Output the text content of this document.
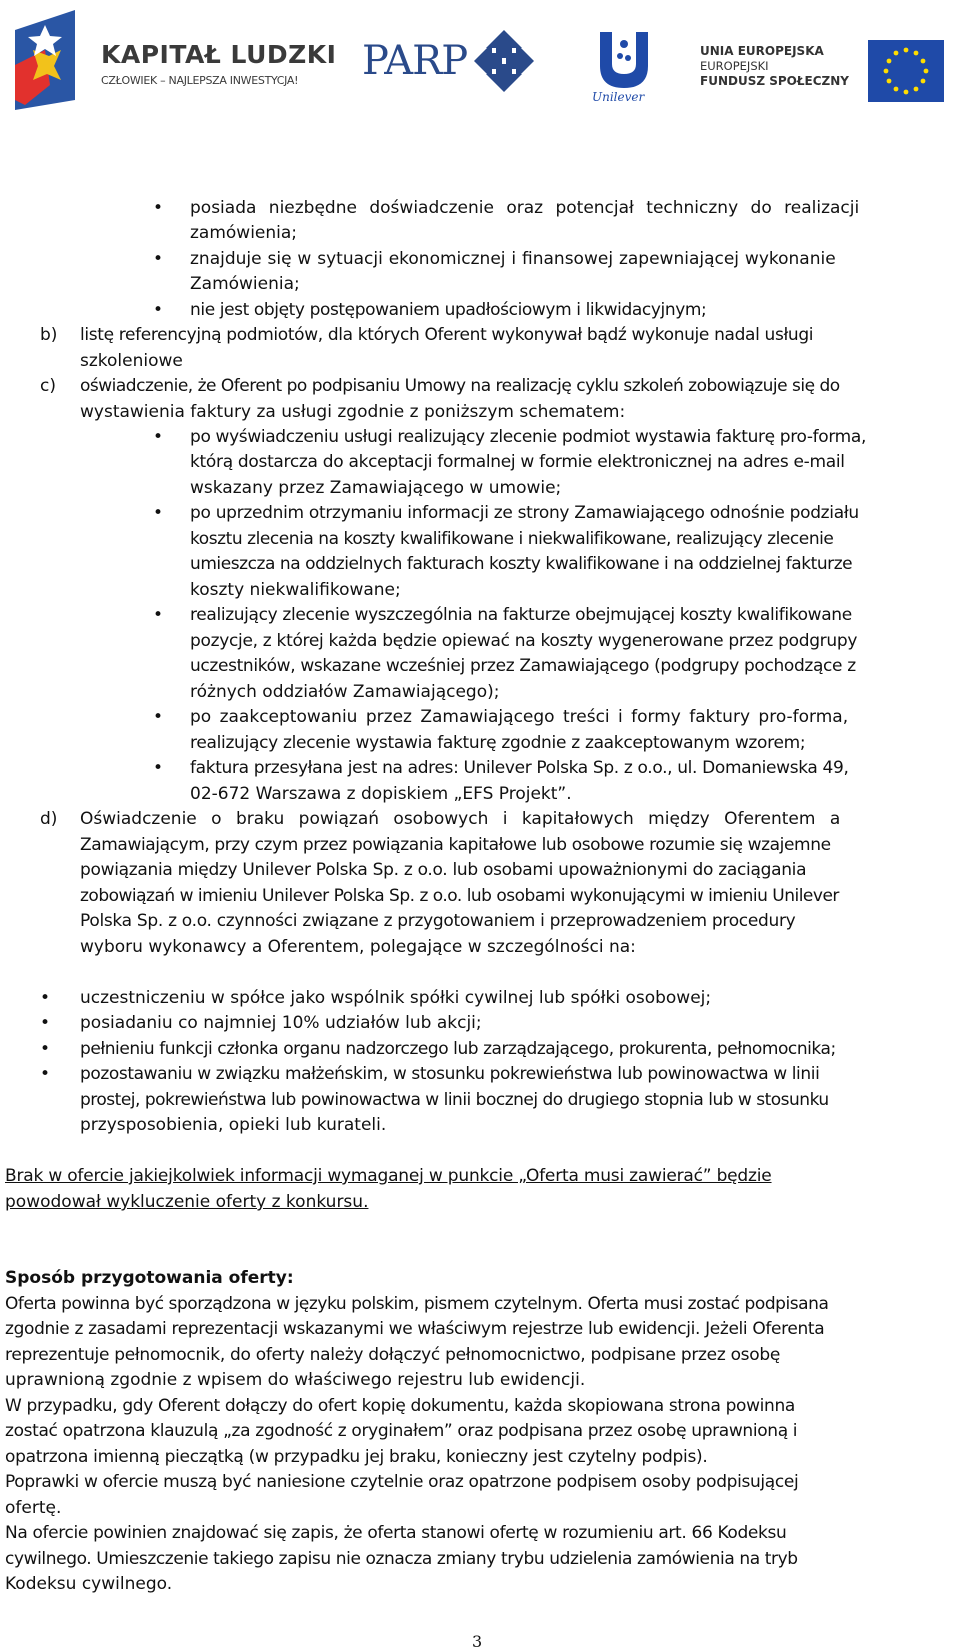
KAPITAŁ LUDZKI
CZŁOWIEK – NAJLEPSZA INWESTYCJA! PARP
Unilever
UNIA EUROPEJSKA
EUROPEJSKI
FUNDUSZ SPOŁECZNY
• posiada niezbędne doświadczenie oraz potencjał techniczny do realizacji
zamówienia;
• znajduje się w sytuacji ekonomicznej i finansowej zapewniającej wykonanie
Zamówienia;
• nie jest objęty postępowaniem upadłościowym i likwidacyjnym;
b) listę referencyjną podmiotów, dla których Oferent wykonywał bądź wykonuje nadal usługi
szkoleniowe
c) oświadczenie, że Oferent po podpisaniu Umowy na realizację cyklu szkoleń zobowiązuje się do
wystawienia faktury za usługi zgodnie z poniższym schematem:
• po wyświadczeniu usługi realizujący zlecenie podmiot wystawia fakturę pro-forma,
którą dostarcza do akceptacji formalnej w formie elektronicznej na adres e-mail
wskazany przez Zamawiającego w umowie;
• po uprzednim otrzymaniu informacji ze strony Zamawiającego odnośnie podziału
kosztu zlecenia na koszty kwalifikowane i niekwalifikowane, realizujący zlecenie
umieszcza na oddzielnych fakturach koszty kwalifikowane i na oddzielnej fakturze
koszty niekwalifikowane;
• realizujący zlecenie wyszczególnia na fakturze obejmującej koszty kwalifikowane
pozycje, z której każda będzie opiewać na koszty wygenerowane przez podgrupy
uczestników, wskazane wcześniej przez Zamawiającego (podgrupy pochodzące z
różnych oddziałów Zamawiającego);
• po zaakceptowaniu przez Zamawiającego treści i formy faktury pro-forma,
realizujący zlecenie wystawia fakturę zgodnie z zaakceptowanym wzorem;
• faktura przesyłana jest na adres: Unilever Polska Sp. z o.o., ul. Domaniewska 49,
02-672 Warszawa z dopiskiem „EFS Projekt”.
d) Oświadczenie o braku powiązań osobowych i kapitałowych między Oferentem a
Zamawiającym, przy czym przez powiązania kapitałowe lub osobowe rozumie się wzajemne
powiązania między Unilever Polska Sp. z o.o. lub osobami upoważnionymi do zaciągania
zobowiązań w imieniu Unilever Polska Sp. z o.o. lub osobami wykonującymi w imieniu Unilever
Polska Sp. z o.o. czynności związane z przygotowaniem i przeprowadzeniem procedury
wyboru wykonawcy a Oferentem, polegające w szczególności na:
• uczestniczeniu w spółce jako wspólnik spółki cywilnej lub spółki osobowej;
• posiadaniu co najmniej 10% udziałów lub akcji;
• pełnieniu funkcji członka organu nadzorczego lub zarządzającego, prokurenta, pełnomocnika;
• pozostawaniu w związku małżeńskim, w stosunku pokrewieństwa lub powinowactwa w linii
prostej, pokrewieństwa lub powinowactwa w linii bocznej do drugiego stopnia lub w stosunku
przysposobienia, opieki lub kurateli.
Brak w ofercie jakiejkolwiek informacji wymaganej w punkcie „Oferta musi zawierać” będzie
powodował wykluczenie oferty z konkursu.
Sposób przygotowania oferty:
Oferta powinna być sporządzona w języku polskim, pismem czytelnym. Oferta musi zostać podpisana
zgodnie z zasadami reprezentacji wskazanymi we właściwym rejestrze lub ewidencji. Jeżeli Oferenta
reprezentuje pełnomocnik, do oferty należy dołączyć pełnomocnictwo, podpisane przez osobę
uprawnioną zgodnie z wpisem do właściwego rejestru lub ewidencji.
W przypadku, gdy Oferent dołączy do ofert kopię dokumentu, każda skopiowana strona powinna
zostać opatrzona klauzulą „za zgodność z oryginałem” oraz podpisana przez osobę uprawnioną i
opatrzona imienną pieczątką (w przypadku jej braku, konieczny jest czytelny podpis).
Poprawki w ofercie muszą być naniesione czytelnie oraz opatrzone podpisem osoby podpisującej
ofertę.
Na ofercie powinien znajdować się zapis, że oferta stanowi ofertę w rozumieniu art. 66 Kodeksu
cywilnego. Umieszczenie takiego zapisu nie oznacza zmiany trybu udzielenia zamówienia na tryb
Kodeksu cywilnego.
3
